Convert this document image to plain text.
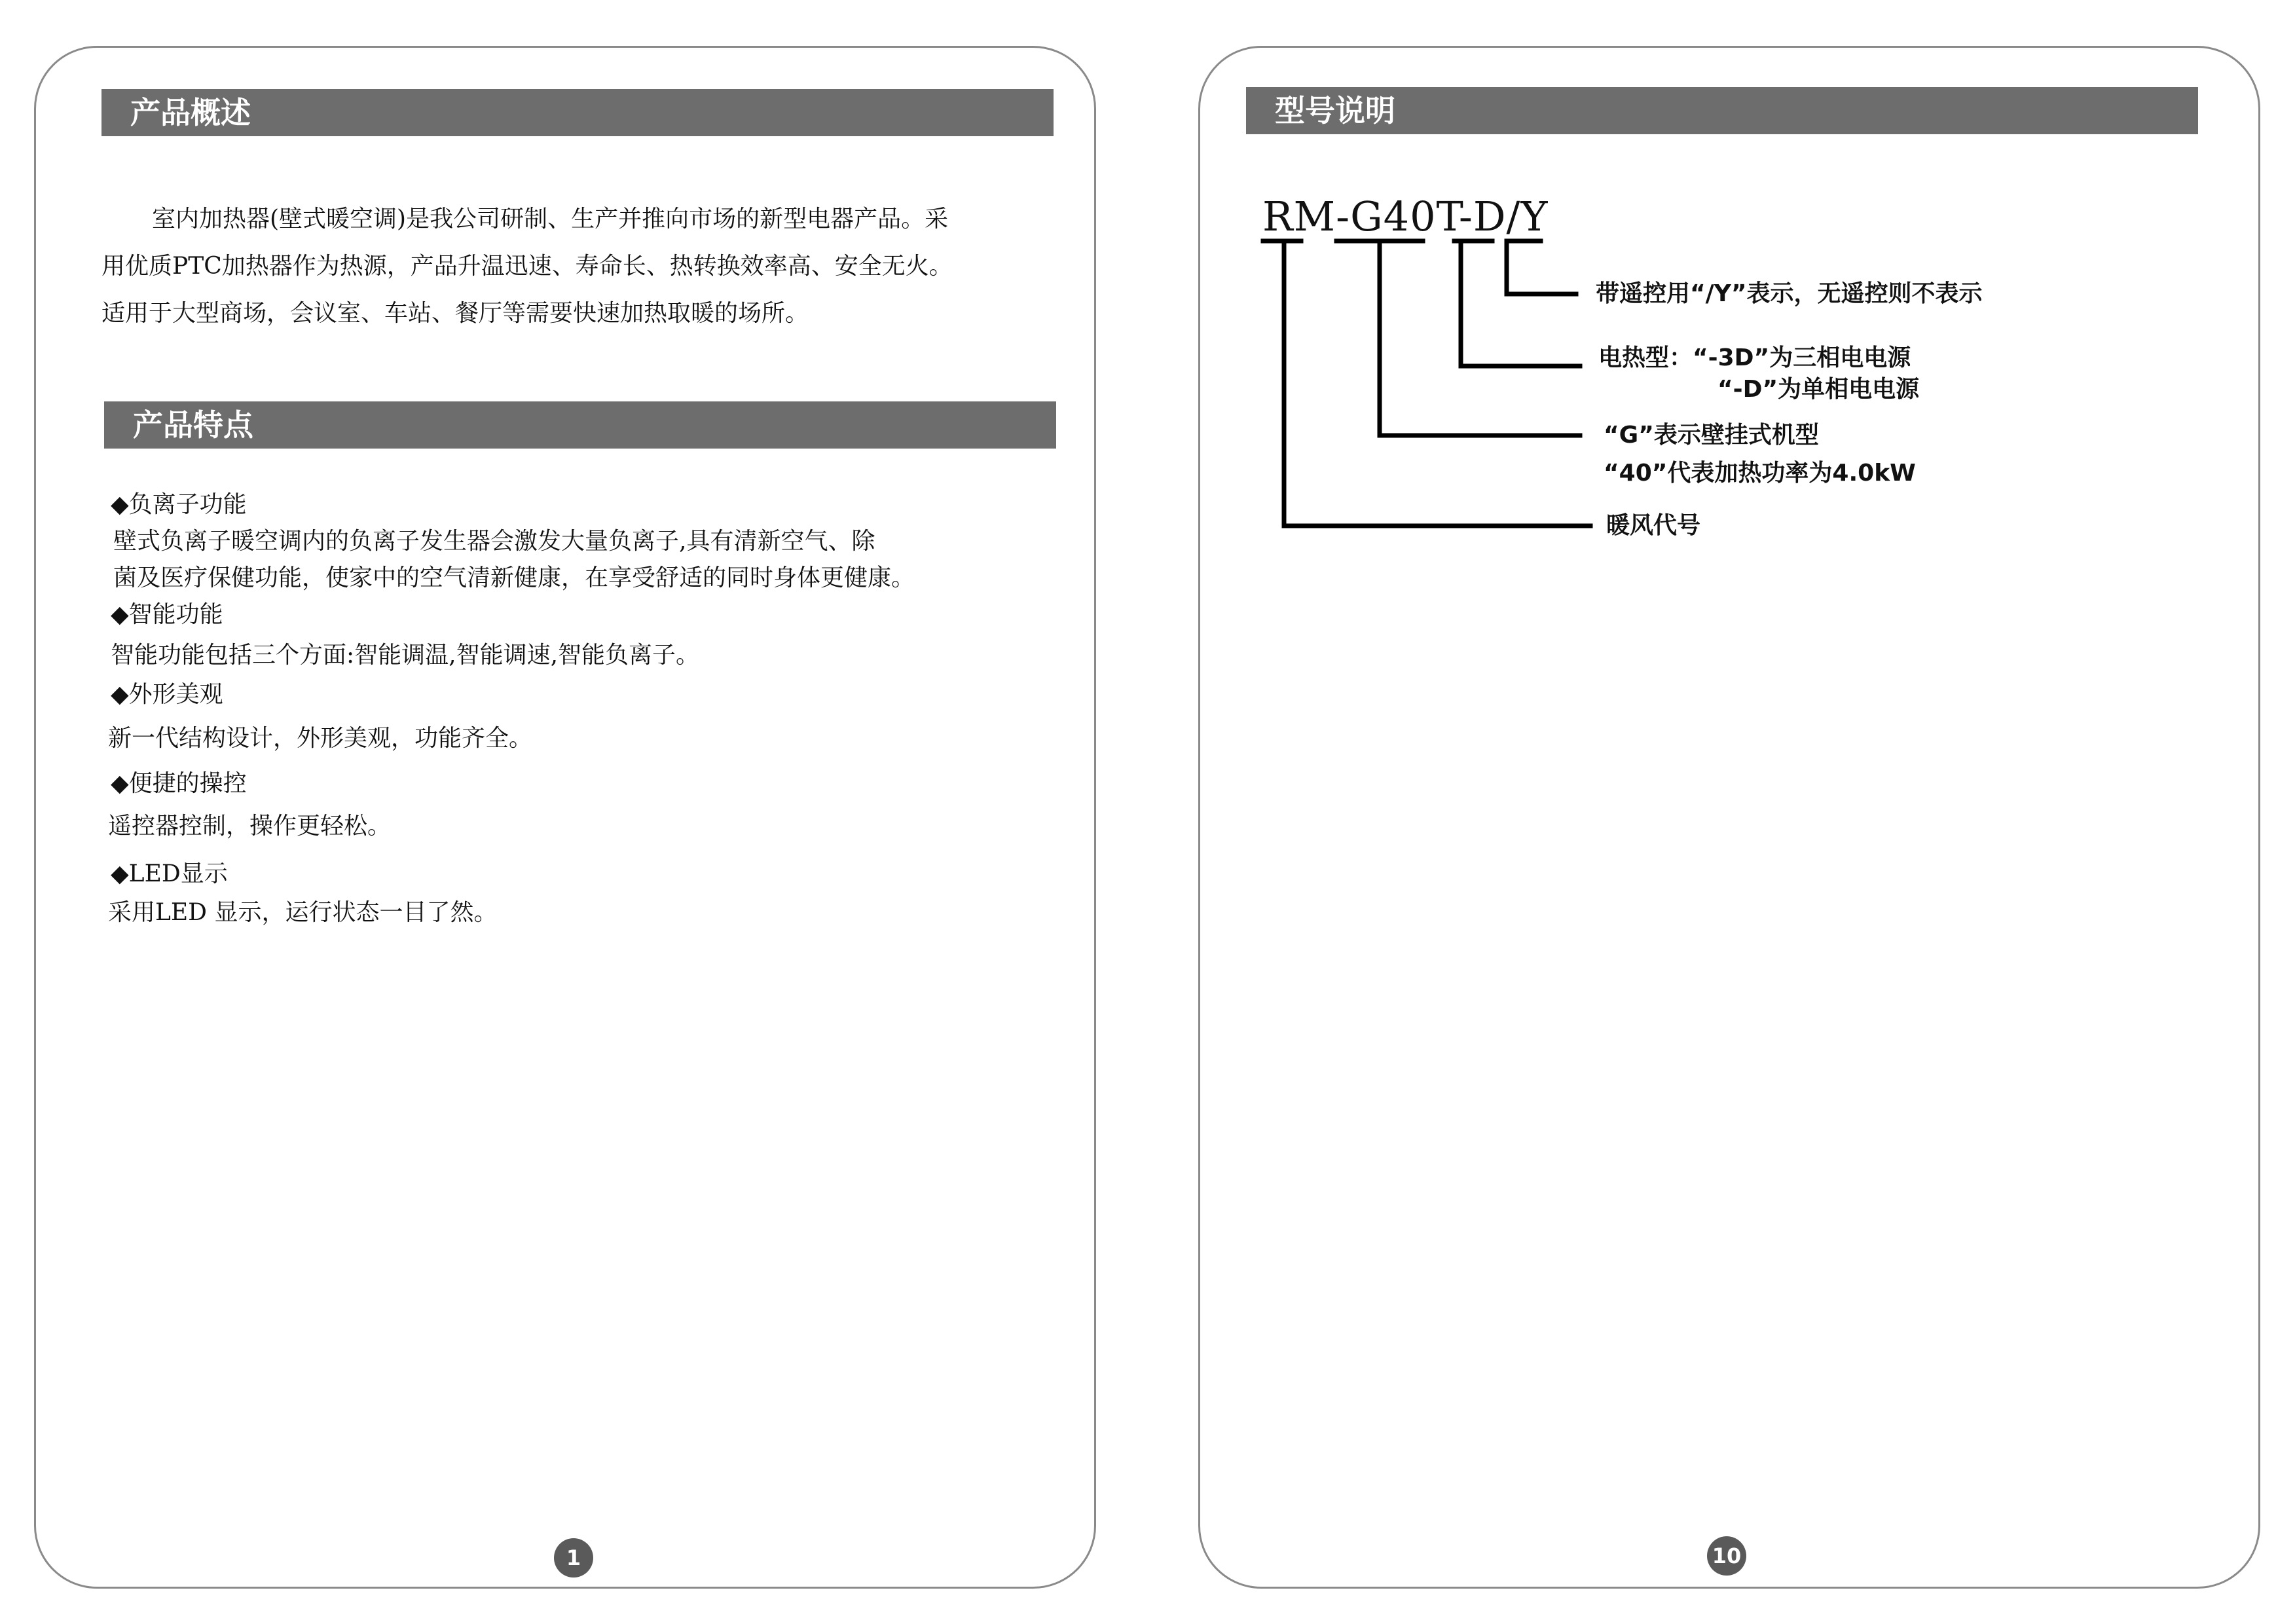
产品概述

室内加热器(壁式暖空调)是我公司研制、生产并推向市场的新型电器产品。采

用优质PTC加热器作为热源，产品升温迅速、寿命长、热转换效率高、安全无火。

适用于大型商场，会议室、车站、餐厅等需要快速加热取暖的场所。

产品特点

◆负离子功能

壁式负离子暖空调内的负离子发生器会激发大量负离子,具有清新空气、除

菌及医疗保健功能，使家中的空气清新健康，在享受舒适的同时身体更健康。

◆智能功能

智能功能包括三个方面:智能调温,智能调速,智能负离子。

◆外形美观

新一代结构设计，外形美观，功能齐全。

◆便捷的操控

遥控器控制，操作更轻松。

◆LED显示

采用LED 显示，运行状态一目了然。

1
型号说明

RM-G40T-D/Y

带遥控用“/Y”表示，无遥控则不表示

电热型：“-3D”为三相电电源

“-D”为单相电电源

“G”表示壁挂式机型

“40”代表加热功率为4.0kW

暖风代号

10
